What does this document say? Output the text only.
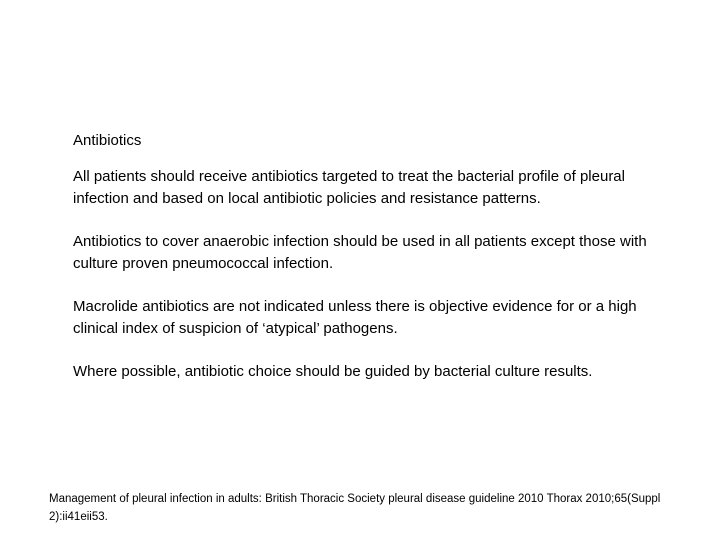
Antibiotics

All patients should receive antibiotics targeted to treat the bacterial profile of pleural infection and based on local antibiotic policies and resistance patterns.

Antibiotics to cover anaerobic infection should be used in all patients except those with culture proven pneumococcal infection.

Macrolide antibiotics are not indicated unless there is objective evidence for or a high clinical index of suspicion of ‘atypical’ pathogens.

Where possible, antibiotic choice should be guided by bacterial culture results.

Management of pleural infection in adults: British Thoracic Society pleural disease guideline 2010 Thorax 2010;65(Suppl 2):ii41eii53.
